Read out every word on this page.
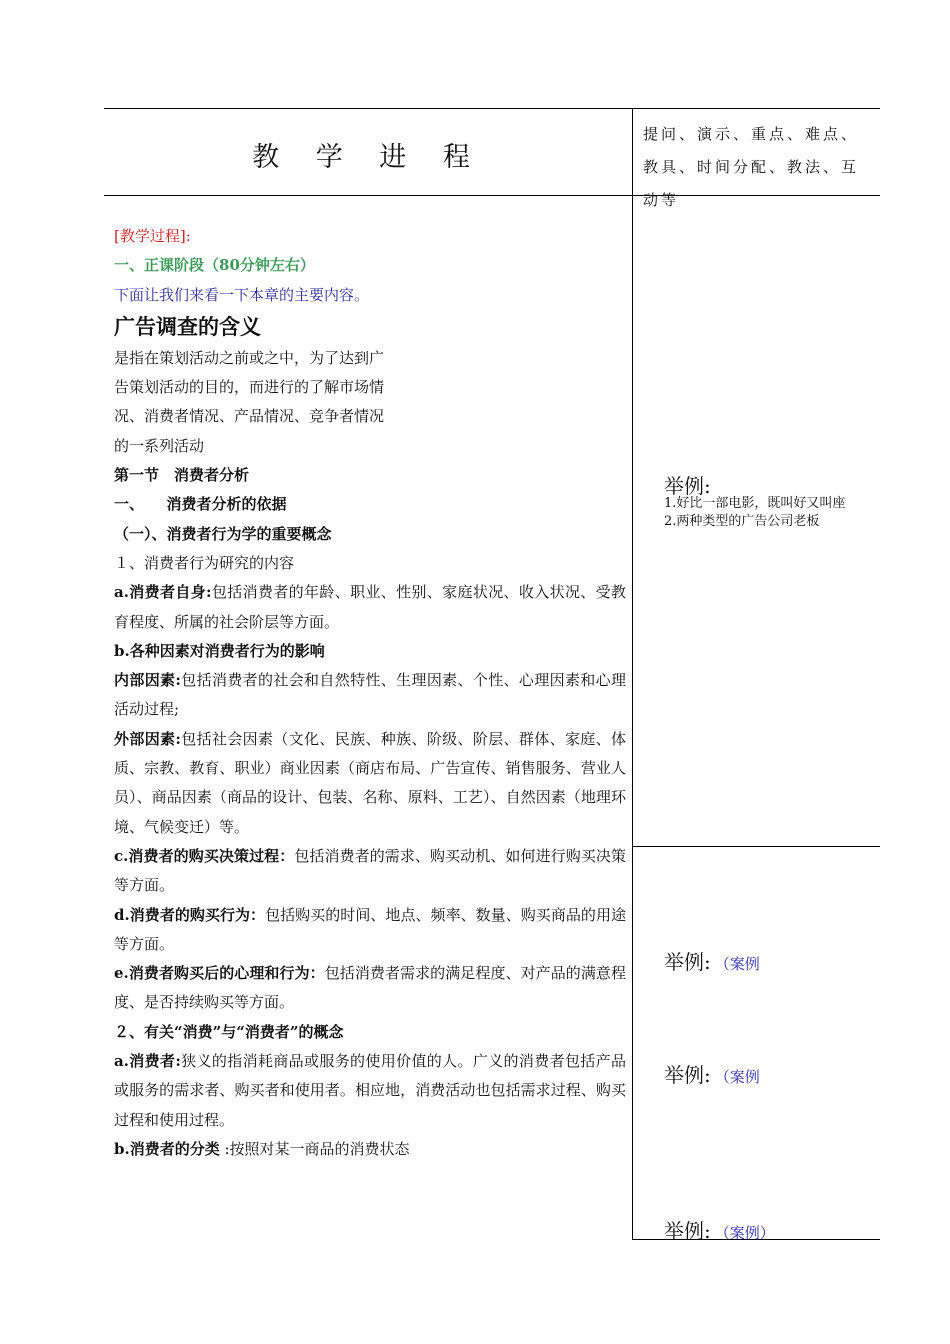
教 学 进 程
提问、演示、重点、难点、教具、时间分配、教法、互动等
[教学过程]:
一、正课阶段（80分钟左右）
下面让我们来看一下本章的主要内容。
广告调查的含义
是指在策划活动之前或之中，为了达到广
告策划活动的目的，而进行的了解市场情
况、消费者情况、产品情况、竞争者情况
的一系列活动
第一节　消费者分析
一、　　消费者分析的依据
（一）、消费者行为学的重要概念
１、消费者行为研究的内容
a.消费者自身:包括消费者的年龄、职业、性别、家庭状况、收入状况、受教育程度、所属的社会阶层等方面。
b.各种因素对消费者行为的影响
内部因素:包括消费者的社会和自然特性、生理因素、个性、心理因素和心理活动过程;
外部因素:包括社会因素（文化、民族、种族、阶级、阶层、群体、家庭、体质、宗教、教育、职业）商业因素（商店布局、广告宣传、销售服务、营业人员）、商品因素（商品的设计、包装、名称、原料、工艺）、自然因素（地理环境、气候变迁）等。
c.消费者的购买决策过程：包括消费者的需求、购买动机、如何进行购买决策等方面。
d.消费者的购买行为：包括购买的时间、地点、频率、数量、购买商品的用途等方面。
e.消费者购买后的心理和行为：包括消费者需求的满足程度、对产品的满意程度、是否持续购买等方面。
２、有关“消费”与“消费者”的概念
a.消费者:狭义的指消耗商品或服务的使用价值的人。广义的消费者包括产品或服务的需求者、购买者和使用者。相应地，消费活动也包括需求过程、购买过程和使用过程。
b.消费者的分类 :按照对某一商品的消费状态
举例:
1.好比一部电影，既叫好又叫座
2.两种类型的广告公司老板
举例: （案例
举例: （案例
举例: （案例）
